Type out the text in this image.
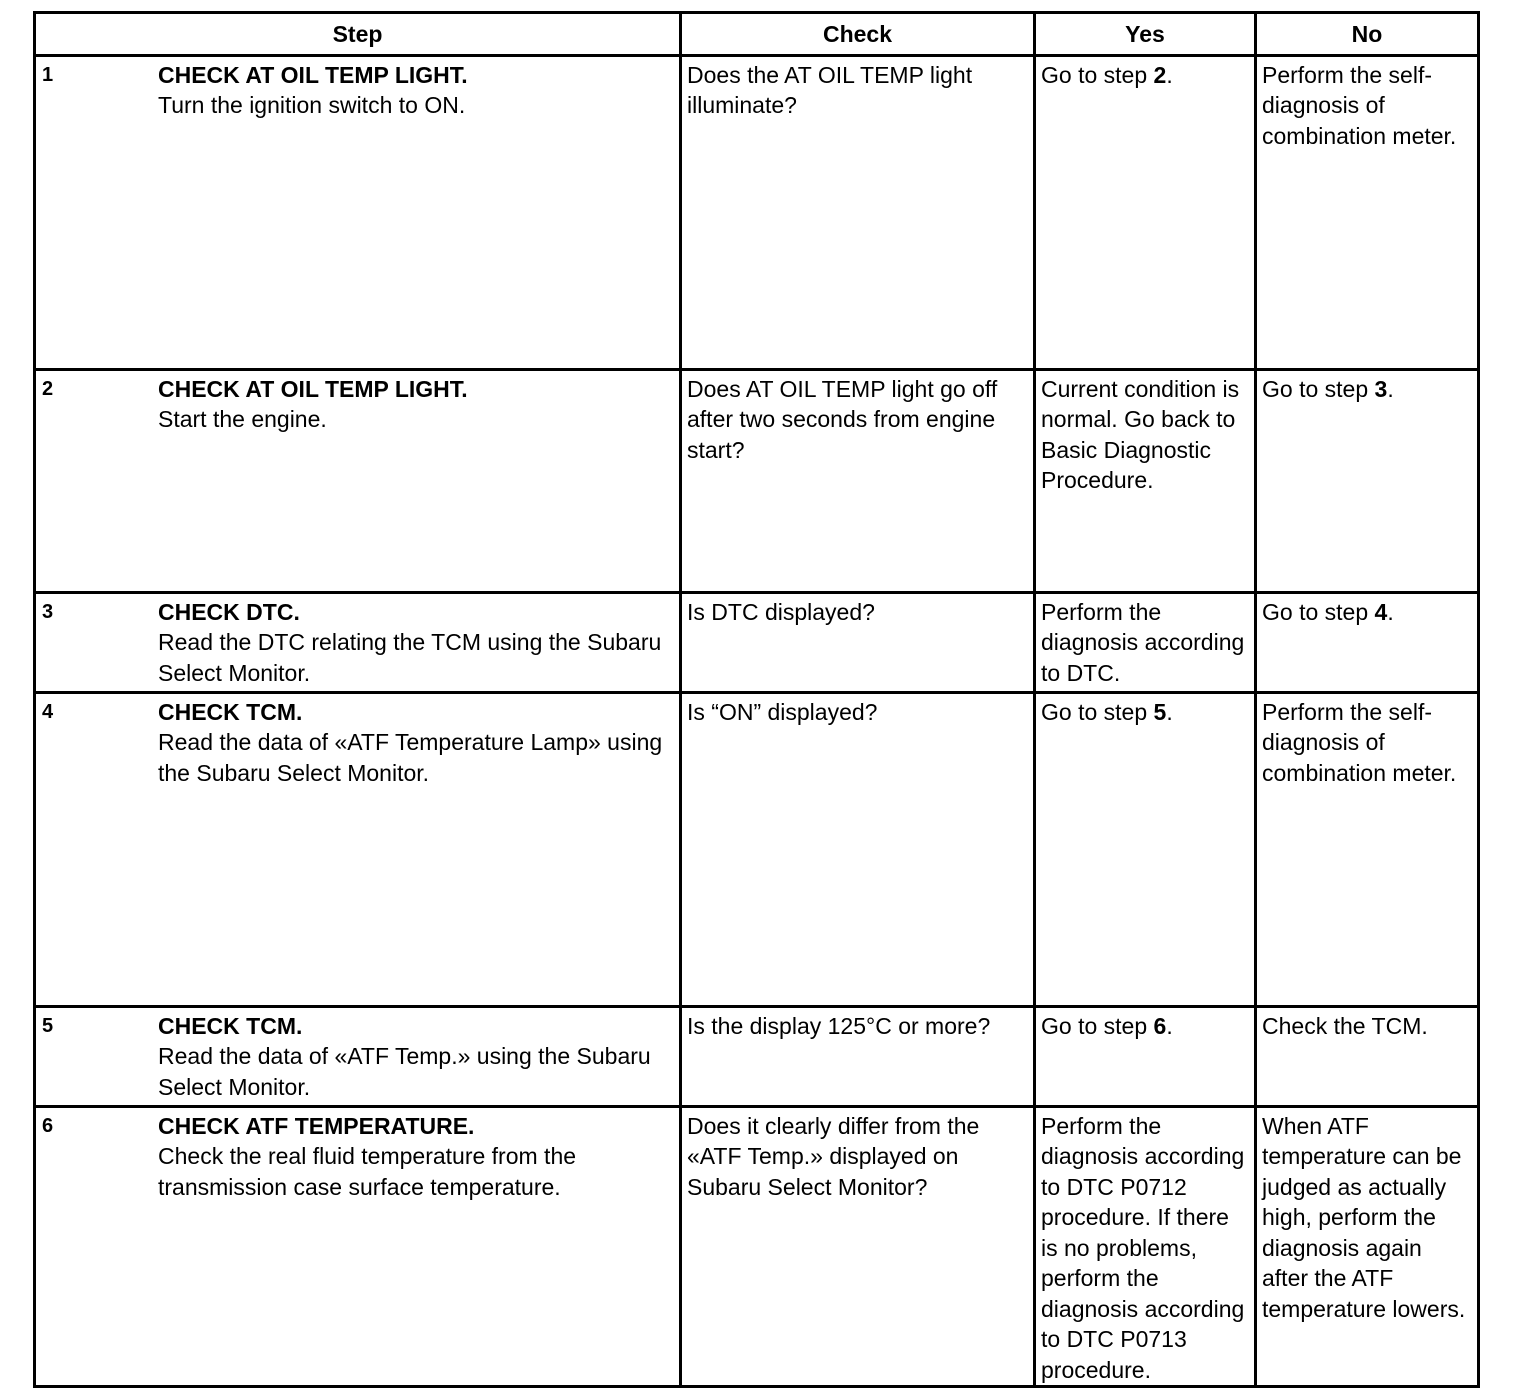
Step	Check	Yes	No

1 CHECK AT OIL TEMP LIGHT.
Turn the ignition switch to ON.	Does the AT OIL TEMP light illuminate?	Go to step 2.	Perform the self-diagnosis of combination meter.

2 CHECK AT OIL TEMP LIGHT.
Start the engine.	Does AT OIL TEMP light go off after two seconds from engine start?	Current condition is normal. Go back to Basic Diagnostic Procedure.	Go to step 3.

3 CHECK DTC.
Read the DTC relating the TCM using the Subaru Select Monitor.	Is DTC displayed?	Perform the diagnosis according to DTC.	Go to step 4.

4 CHECK TCM.
Read the data of «ATF Temperature Lamp» using the Subaru Select Monitor.	Is “ON” displayed?	Go to step 5.	Perform the self-diagnosis of combination meter.

5 CHECK TCM.
Read the data of «ATF Temp.» using the Subaru Select Monitor.	Is the display 125°C or more?	Go to step 6.	Check the TCM.

6 CHECK ATF TEMPERATURE.
Check the real fluid temperature from the transmission case surface temperature.	Does it clearly differ from the «ATF Temp.» displayed on Subaru Select Monitor?	Perform the diagnosis according to DTC P0712 procedure. If there is no problems, perform the diagnosis according to DTC P0713 procedure.	When ATF temperature can be judged as actually high, perform the diagnosis again after the ATF temperature lowers.
